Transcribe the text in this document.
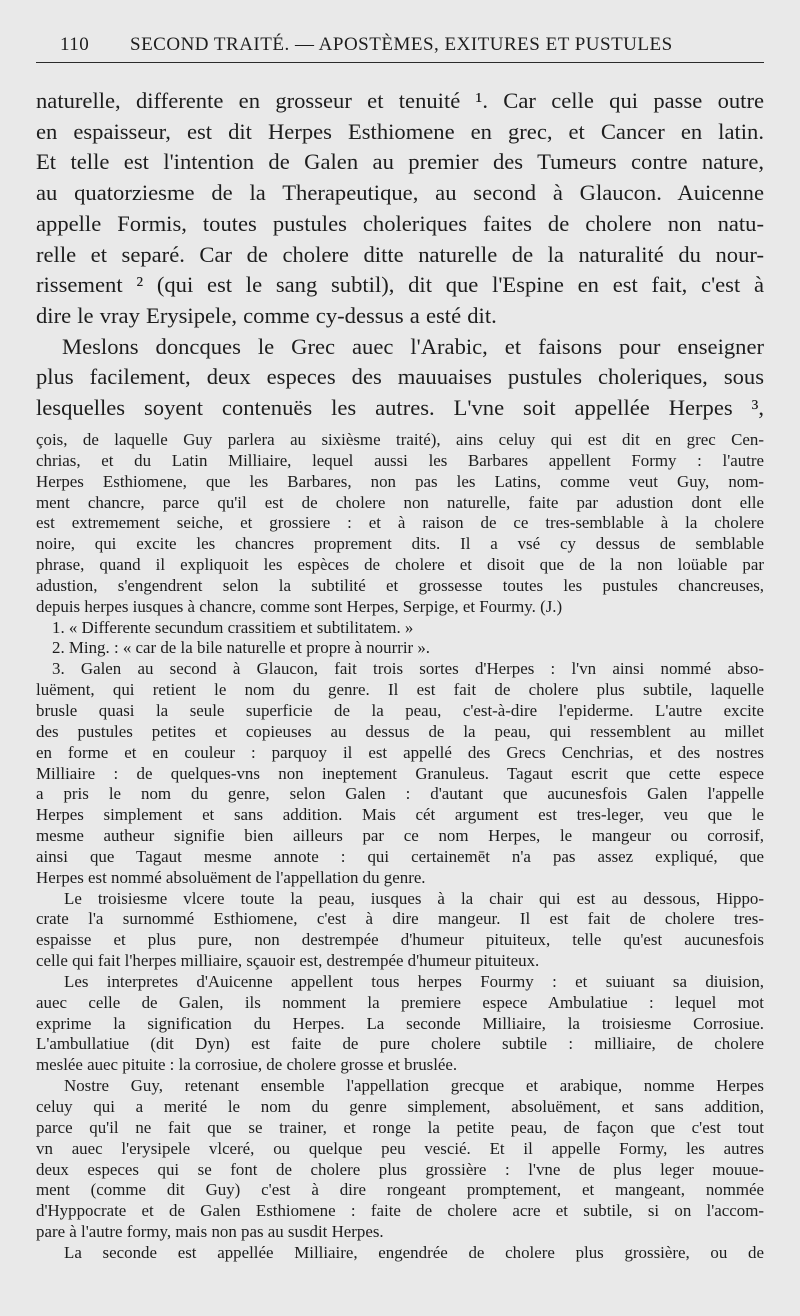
110 SECOND TRAITÉ. — APOSTÈMES, EXITURES ET PUSTULES
naturelle, differente en grosseur et tenuité ¹. Car celle qui passe outre
en espaisseur, est dit Herpes Esthiomene en grec, et Cancer en latin.
Et telle est l'intention de Galen au premier des Tumeurs contre nature,
au quatorziesme de la Therapeutique, au second à Glaucon. Auicenne
appelle Formis, toutes pustules choleriques faites de cholere non natu-
relle et separé. Car de cholere ditte naturelle de la naturalité du nour-
rissement ² (qui est le sang subtil), dit que l'Espine en est fait, c'est à
dire le vray Erysipele, comme cy-dessus a esté dit.
Meslons doncques le Grec auec l'Arabic, et faisons pour enseigner
plus facilement, deux especes des mauuaises pustules choleriques, sous
lesquelles soyent contenuës les autres. L'vne soit appellée Herpes ³,
çois, de laquelle Guy parlera au sixièsme traité), ains celuy qui est dit en grec Cen-
chrias, et du Latin Milliaire, lequel aussi les Barbares appellent Formy : l'autre
Herpes Esthiomene, que les Barbares, non pas les Latins, comme veut Guy, nom-
ment chancre, parce qu'il est de cholere non naturelle, faite par adustion dont elle
est extremement seiche, et grossiere : et à raison de ce tres-semblable à la cholere
noire, qui excite les chancres proprement dits. Il a vsé cy dessus de semblable
phrase, quand il expliquoit les espèces de cholere et disoit que de la non loüable par
adustion, s'engendrent selon la subtilité et grossesse toutes les pustules chancreuses,
depuis herpes iusques à chancre, comme sont Herpes, Serpige, et Fourmy. (J.)
1. « Differente secundum crassitiem et subtilitatem. »
2. Ming. : « car de la bile naturelle et propre à nourrir ».
3. Galen au second à Glaucon, fait trois sortes d'Herpes : l'vn ainsi nommé abso-
luëment, qui retient le nom du genre. Il est fait de cholere plus subtile, laquelle
brusle quasi la seule superficie de la peau, c'est-à-dire l'epiderme. L'autre excite
des pustules petites et copieuses au dessus de la peau, qui ressemblent au millet
en forme et en couleur : parquoy il est appellé des Grecs Cenchrias, et des nostres
Milliaire : de quelques-vns non ineptement Granuleus. Tagaut escrit que cette espece
a pris le nom du genre, selon Galen : d'autant que aucunesfois Galen l'appelle
Herpes simplement et sans addition. Mais cét argument est tres-leger, veu que le
mesme autheur signifie bien ailleurs par ce nom Herpes, le mangeur ou corrosif,
ainsi que Tagaut mesme annote : qui certainemēt n'a pas assez expliqué, que
Herpes est nommé absoluëment de l'appellation du genre.
Le troisiesme vlcere toute la peau, iusques à la chair qui est au dessous, Hippo-
crate l'a surnommé Esthiomene, c'est à dire mangeur. Il est fait de cholere tres-
espaisse et plus pure, non destrempée d'humeur pituiteux, telle qu'est aucunesfois
celle qui fait l'herpes milliaire, sçauoir est, destrempée d'humeur pituiteux.
Les interpretes d'Auicenne appellent tous herpes Fourmy : et suiuant sa diuision,
auec celle de Galen, ils nomment la premiere espece Ambulatiue : lequel mot
exprime la signification du Herpes. La seconde Milliaire, la troisiesme Corrosiue.
L'ambullatiue (dit Dyn) est faite de pure cholere subtile : milliaire, de cholere
meslée auec pituite : la corrosiue, de cholere grosse et bruslée.
Nostre Guy, retenant ensemble l'appellation grecque et arabique, nomme Herpes
celuy qui a merité le nom du genre simplement, absoluëment, et sans addition,
parce qu'il ne fait que se trainer, et ronge la petite peau, de façon que c'est tout
vn auec l'erysipele vlceré, ou quelque peu vescié. Et il appelle Formy, les autres
deux especes qui se font de cholere plus grossière : l'vne de plus leger mouue-
ment (comme dit Guy) c'est à dire rongeant promptement, et mangeant, nommée
d'Hyppocrate et de Galen Esthiomene : faite de cholere acre et subtile, si on l'accom-
pare à l'autre formy, mais non pas au susdit Herpes.
La seconde est appellée Milliaire, engendrée de cholere plus grossière, ou de
